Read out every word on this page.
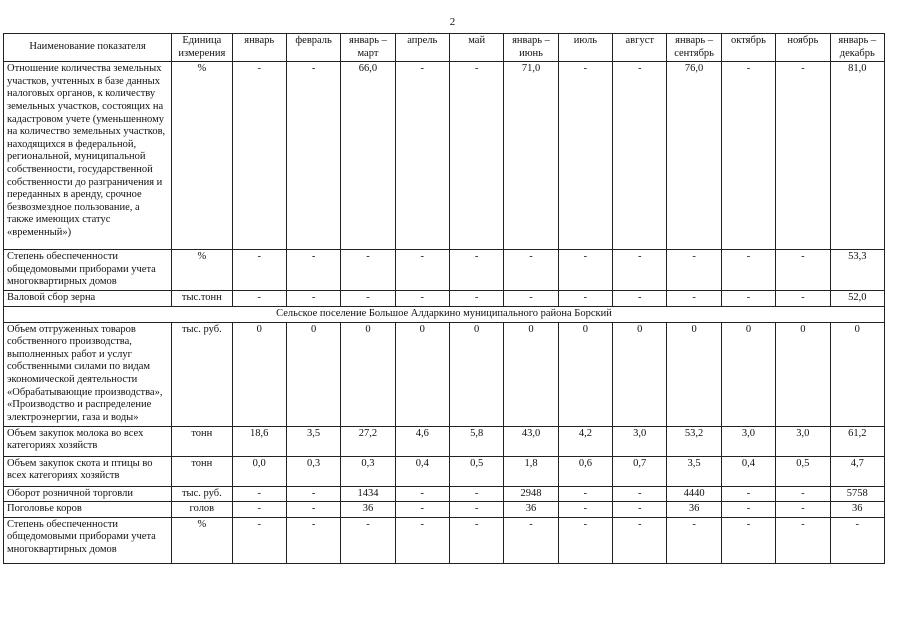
2
Наименование показателя	Единица измерения	январь	февраль	январь – март	апрель	май	январь – июнь	июль	август	январь – сентябрь	октябрь	ноябрь	январь – декабрь
Отношение количества земельных участков, учтенных в базе данных налоговых органов, к количеству земельных участков, состоящих на кадастровом учете (уменьшенному на количество земельных участков, находящихся в федеральной, региональной, муниципальной собственности, государственной собственности до разграничения и переданных в аренду, срочное безвозмездное пользование, а также имеющих статус «временный»)	%	-	-	66,0	-	-	71,0	-	-	76,0	-	-	81,0
Степень обеспеченности общедомовыми приборами учета многоквартирных домов	%	-	-	-	-	-	-	-	-	-	-	-	53,3
Валовой сбор зерна	тыс.тонн	-	-	-	-	-	-	-	-	-	-	-	52,0
Сельское поселение Большое Алдаркино муниципального района Борский													
Объем отгруженных товаров собственного производства, выполненных работ и услуг собственными силами по видам экономической деятельности «Обрабатывающие производства», «Производство и распределение электроэнергии, газа и воды»	тыс. руб.	0	0	0	0	0	0	0	0	0	0	0	0
Объем закупок молока во всех категориях хозяйств	тонн	18,6	3,5	27,2	4,6	5,8	43,0	4,2	3,0	53,2	3,0	3,0	61,2
Объем закупок скота и птицы во всех категориях хозяйств	тонн	0,0	0,3	0,3	0,4	0,5	1,8	0,6	0,7	3,5	0,4	0,5	4,7
Оборот розничной торговли	тыс. руб.	-	-	1434	-	-	2948	-	-	4440	-	-	5758
Поголовье коров	голов	-	-	36	-	-	36	-	-	36	-	-	36
Степень обеспеченности общедомовыми приборами учета многоквартирных домов	%	-	-	-	-	-	-	-	-	-	-	-	-
